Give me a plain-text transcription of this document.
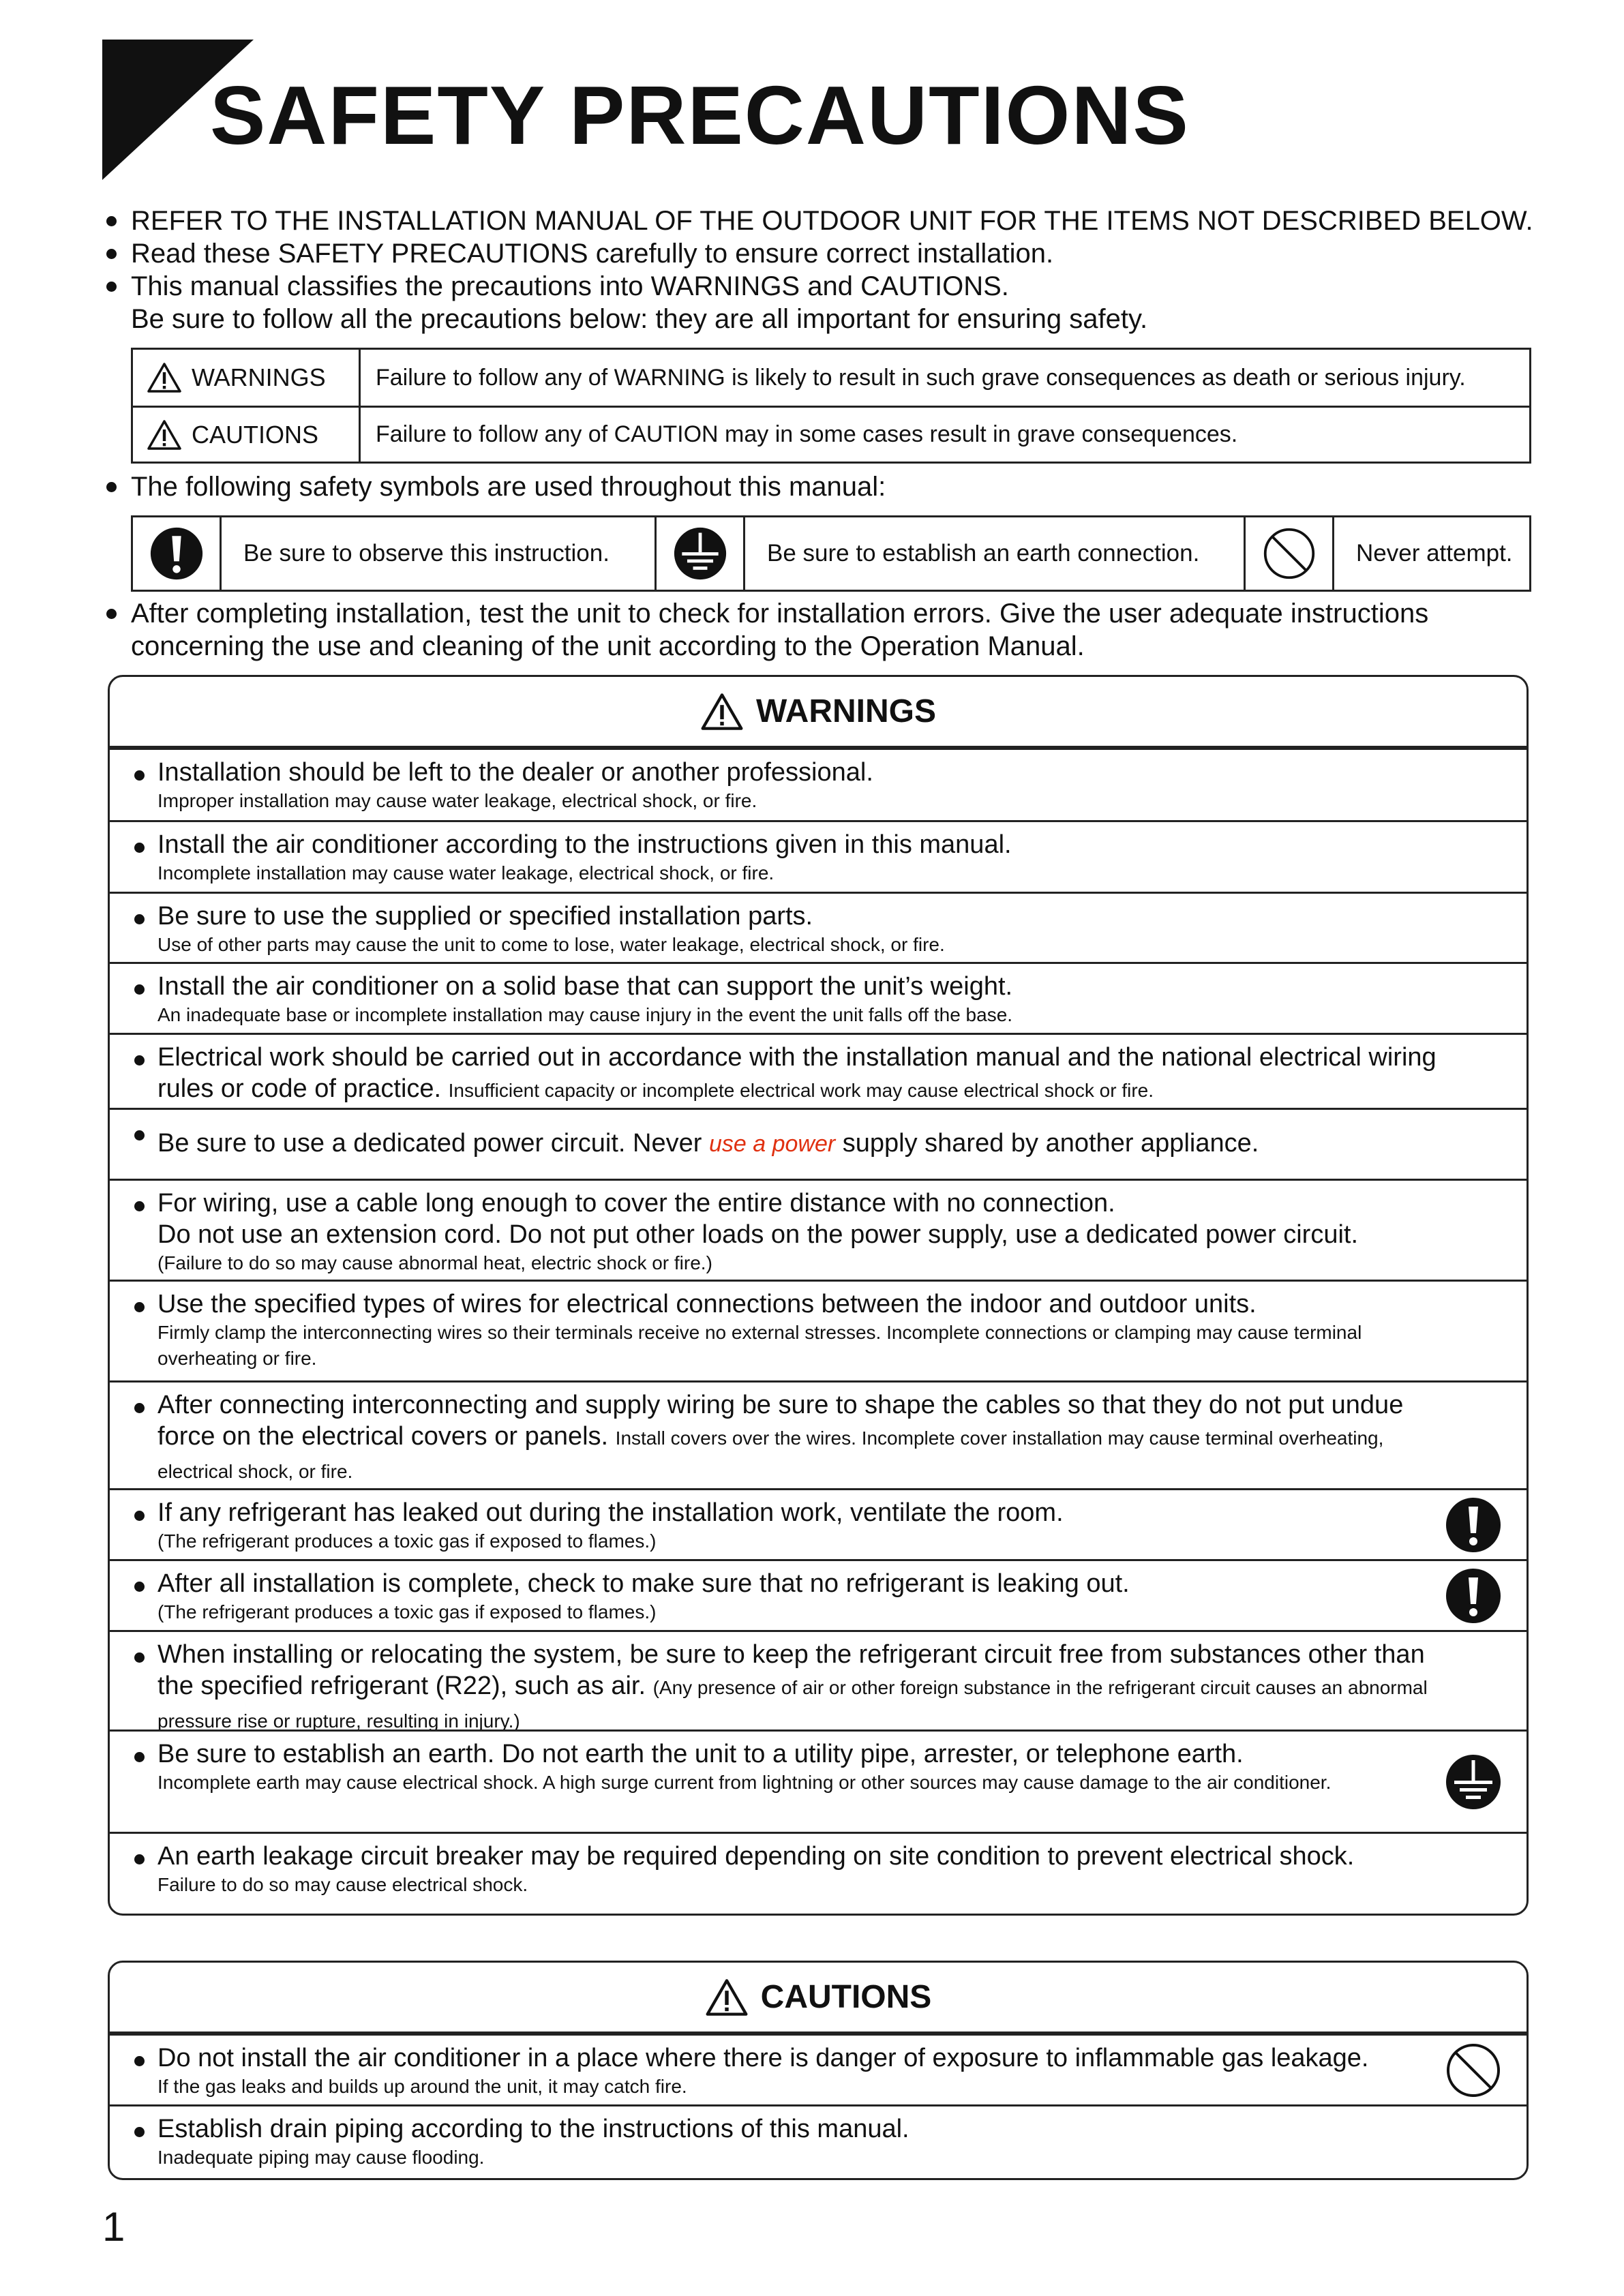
SAFETY PRECAUTIONS
REFER TO THE INSTALLATION MANUAL OF THE OUTDOOR UNIT FOR THE ITEMS NOT DESCRIBED BELOW.
Read these SAFETY PRECAUTIONS carefully to ensure correct installation.
This manual classifies the precautions into WARNINGS and CAUTIONS.
Be sure to follow all the precautions below: they are all important for ensuring safety.
WARNINGS	Failure to follow any of WARNING is likely to result in such grave consequences as death or serious injury.
CAUTIONS	Failure to follow any of CAUTION may in some cases result in grave consequences.
The following safety symbols are used throughout this manual:
Be sure to observe this instruction.	Be sure to establish an earth connection.	Never attempt.
After completing installation, test the unit to check for installation errors. Give the user adequate instructions concerning the use and cleaning of the unit according to the Operation Manual.
WARNINGS
Installation should be left to the dealer or another professional.
Improper installation may cause water leakage, electrical shock, or fire.
Install the air conditioner according to the instructions given in this manual.
Incomplete installation may cause water leakage, electrical shock, or fire.
Be sure to use the supplied or specified installation parts.
Use of other parts may cause the unit to come to lose, water leakage, electrical shock, or fire.
Install the air conditioner on a solid base that can support the unit’s weight.
An inadequate base or incomplete installation may cause injury in the event the unit falls off the base.
Electrical work should be carried out in accordance with the installation manual and the national electrical wiring rules or code of practice. Insufficient capacity or incomplete electrical work may cause electrical shock or fire.
Be sure to use a dedicated power circuit. Never use a power supply shared by another appliance.
For wiring, use a cable long enough to cover the entire distance with no connection.
Do not use an extension cord. Do not put other loads on the power supply, use a dedicated power circuit.
(Failure to do so may cause abnormal heat, electric shock or fire.)
Use the specified types of wires for electrical connections between the indoor and outdoor units.
Firmly clamp the interconnecting wires so their terminals receive no external stresses. Incomplete connections or clamping may cause terminal overheating or fire.
After connecting interconnecting and supply wiring be sure to shape the cables so that they do not put undue force on the electrical covers or panels. Install covers over the wires. Incomplete cover installation may cause terminal overheating, electrical shock, or fire.
If any refrigerant has leaked out during the installation work, ventilate the room.
(The refrigerant produces a toxic gas if exposed to flames.)
After all installation is complete, check to make sure that no refrigerant is leaking out.
(The refrigerant produces a toxic gas if exposed to flames.)
When installing or relocating the system, be sure to keep the refrigerant circuit free from substances other than the specified refrigerant (R22), such as air. (Any presence of air or other foreign substance in the refrigerant circuit causes an abnormal pressure rise or rupture, resulting in injury.)
Be sure to establish an earth. Do not earth the unit to a utility pipe, arrester, or telephone earth.
Incomplete earth may cause electrical shock. A high surge current from lightning or other sources may cause damage to the air conditioner.
An earth leakage circuit breaker may be required depending on site condition to prevent electrical shock.
Failure to do so may cause electrical shock.
CAUTIONS
Do not install the air conditioner in a place where there is danger of exposure to inflammable gas leakage.
If the gas leaks and builds up around the unit, it may catch fire.
Establish drain piping according to the instructions of this manual.
Inadequate piping may cause flooding.
1
